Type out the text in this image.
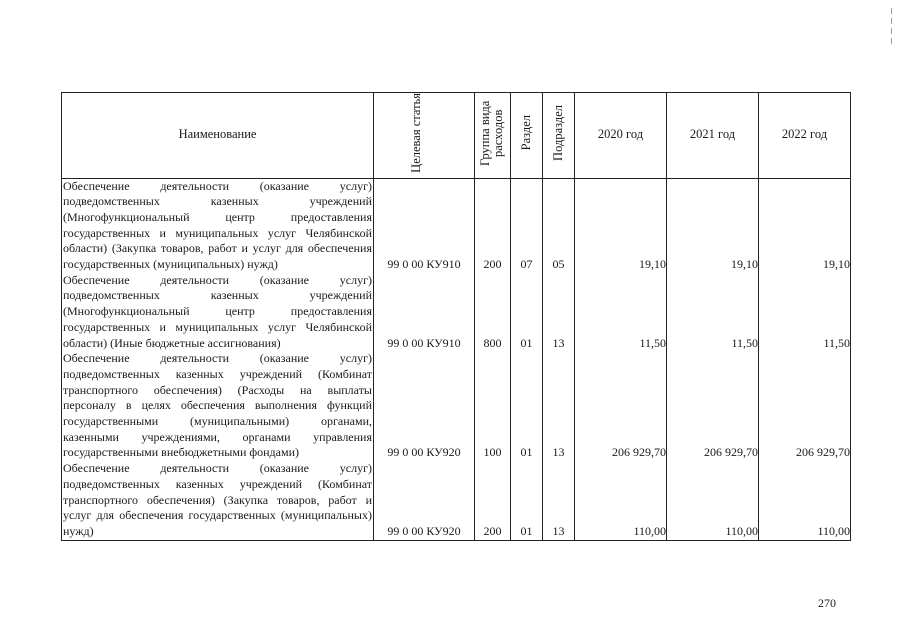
Наименование	Целевая статья	Группа вида расходов	Раздел	Подраздел	2020 год	2021 год	2022 год
Обеспечение деятельности (оказание услуг) подведомственных казенных учреждений (Многофункциональный центр предоставления государственных и муниципальных услуг Челябинской области) (Закупка товаров, работ и услуг для обеспечения государственных (муниципальных) нужд)	99 0 00 КУ910	200	07	05	19,10	19,10	19,10
Обеспечение деятельности (оказание услуг) подведомственных казенных учреждений (Многофункциональный центр предоставления государственных и муниципальных услуг Челябинской области) (Иные бюджетные ассигнования)	99 0 00 КУ910	800	01	13	11,50	11,50	11,50
Обеспечение деятельности (оказание услуг) подведомственных казенных учреждений (Комбинат транспортного обеспечения) (Расходы на выплаты персоналу в целях обеспечения выполнения функций государственными (муниципальными) органами, казенными учреждениями, органами управления государственными внебюджетными фондами)	99 0 00 КУ920	100	01	13	206 929,70	206 929,70	206 929,70
Обеспечение деятельности (оказание услуг) подведомственных казенных учреждений (Комбинат транспортного обеспечения) (Закупка товаров, работ и услуг для обеспечения государственных (муниципальных) нужд)	99 0 00 КУ920	200	01	13	110,00	110,00	110,00
270
